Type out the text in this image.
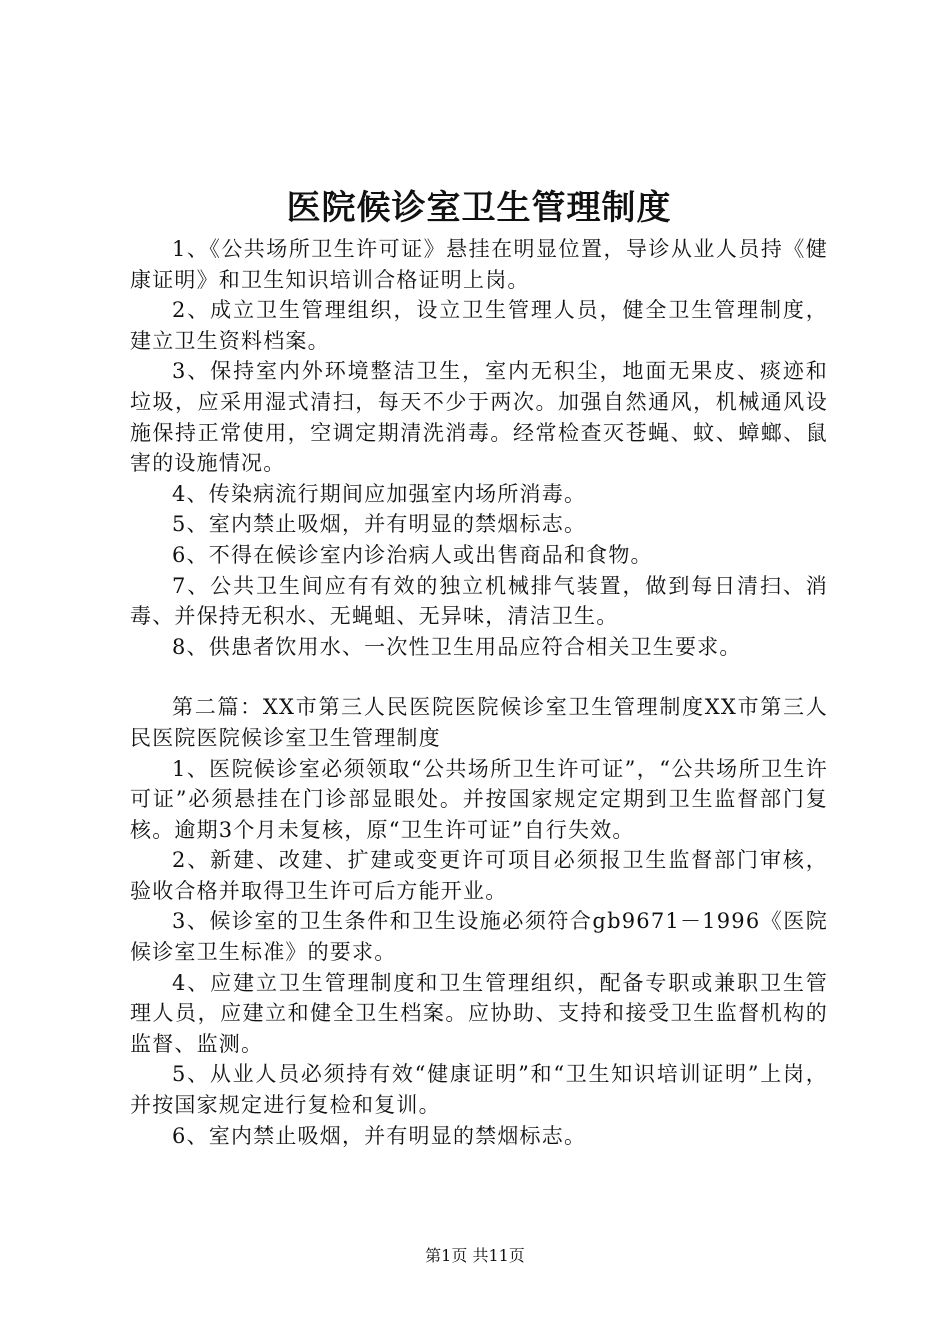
医院候诊室卫生管理制度

1、《公共场所卫生许可证》悬挂在明显位置，导诊从业人员持《健康证明》和卫生知识培训合格证明上岗。

2、成立卫生管理组织，设立卫生管理人员，健全卫生管理制度，建立卫生资料档案。

3、保持室内外环境整洁卫生，室内无积尘，地面无果皮、痰迹和垃圾，应采用湿式清扫，每天不少于两次。加强自然通风，机械通风设施保持正常使用，空调定期清洗消毒。经常检查灭苍蝇、蚊、蟑螂、鼠害的设施情况。

4、传染病流行期间应加强室内场所消毒。

5、室内禁止吸烟，并有明显的禁烟标志。

6、不得在候诊室内诊治病人或出售商品和食物。

7、公共卫生间应有有效的独立机械排气装置，做到每日清扫、消毒、并保持无积水、无蝇蛆、无异味，清洁卫生。

8、供患者饮用水、一次性卫生用品应符合相关卫生要求。

第二篇：XX市第三人民医院医院候诊室卫生管理制度XX市第三人民医院医院候诊室卫生管理制度

1、医院候诊室必须领取“公共场所卫生许可证”，“公共场所卫生许可证”必须悬挂在门诊部显眼处。并按国家规定定期到卫生监督部门复核。逾期3个月未复核，原“卫生许可证”自行失效。

2、新建、改建、扩建或变更许可项目必须报卫生监督部门审核，验收合格并取得卫生许可后方能开业。

3、候诊室的卫生条件和卫生设施必须符合gb9671－1996《医院候诊室卫生标准》的要求。

4、应建立卫生管理制度和卫生管理组织，配备专职或兼职卫生管理人员，应建立和健全卫生档案。应协助、支持和接受卫生监督机构的监督、监测。

5、从业人员必须持有效“健康证明”和“卫生知识培训证明”上岗，并按国家规定进行复检和复训。

6、室内禁止吸烟，并有明显的禁烟标志。

第1页 共11页
